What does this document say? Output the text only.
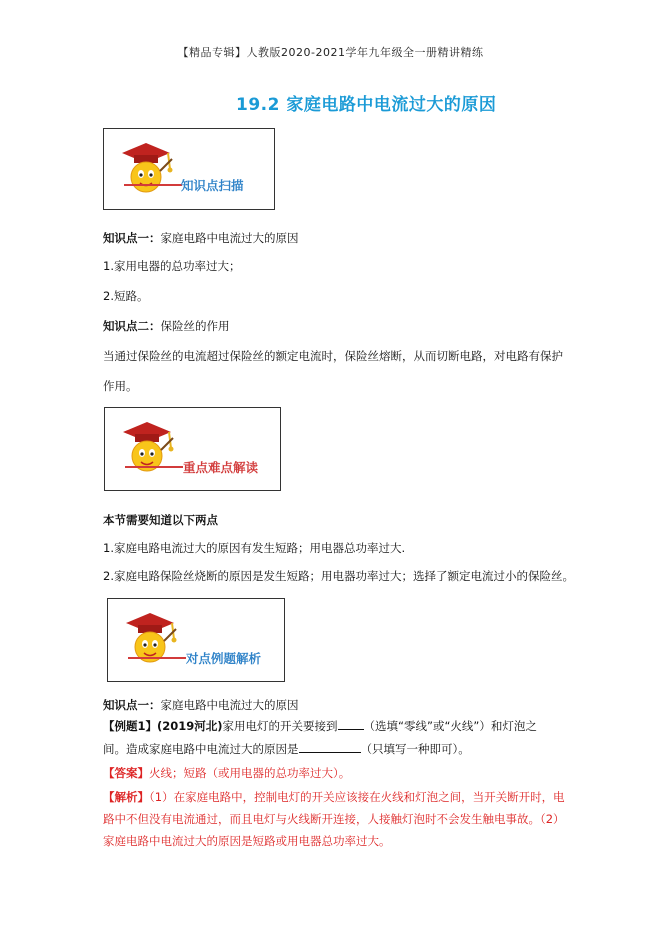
【精品专辑】人教版2020-2021学年九年级全一册精讲精练
19.2 家庭电路中电流过大的原因
知识点扫描
知识点一：家庭电路中电流过大的原因
1.家用电器的总功率过大；
2.短路。
知识点二：保险丝的作用
当通过保险丝的电流超过保险丝的额定电流时，保险丝熔断，从而切断电路，对电路有保护
作用。
重点难点解读
本节需要知道以下两点
1.家庭电路电流过大的原因有发生短路；用电器总功率过大.
2.家庭电路保险丝烧断的原因是发生短路；用电器功率过大；选择了额定电流过小的保险丝。
对点例题解析
知识点一：家庭电路中电流过大的原因
【例题1】(2019河北)家用电灯的开关要接到 （选填“零线”或“火线”）和灯泡之
间。造成家庭电路中电流过大的原因是	（只填写一种即可）。
【答案】火线；短路（或用电器的总功率过大）。
【解析】（1）在家庭电路中，控制电灯的开关应该接在火线和灯泡之间，当开关断开时，电
路中不但没有电流通过，而且电灯与火线断开连接，人接触灯泡时不会发生触电事故。（2）
家庭电路中电流过大的原因是短路或用电器总功率过大。
